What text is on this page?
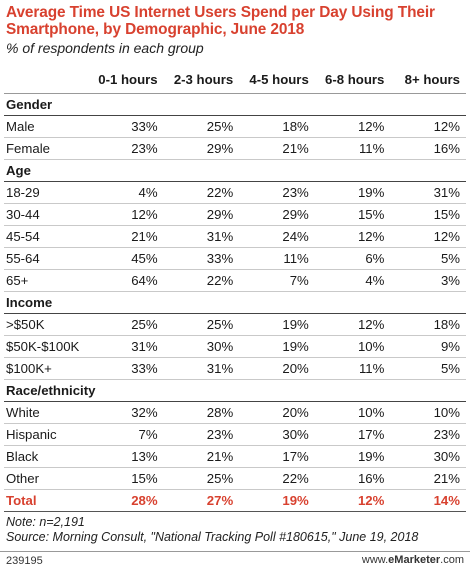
Average Time US Internet Users Spend per Day Using Their Smartphone, by Demographic, June 2018
% of respondents in each group
	0-1 hours	2-3 hours	4-5 hours	6-8 hours	8+ hours
Gender					
Male	33%	25%	18%	12%	12%
Female	23%	29%	21%	11%	16%
Age					
18-29	4%	22%	23%	19%	31%
30-44	12%	29%	29%	15%	15%
45-54	21%	31%	24%	12%	12%
55-64	45%	33%	11%	6%	5%
65+	64%	22%	7%	4%	3%
Income					
>$50K	25%	25%	19%	12%	18%
$50K-$100K	31%	30%	19%	10%	9%
$100K+	33%	31%	20%	11%	5%
Race/ethnicity					
White	32%	28%	20%	10%	10%
Hispanic	7%	23%	30%	17%	23%
Black	13%	21%	17%	19%	30%
Other	15%	25%	22%	16%	21%
Total	28%	27%	19%	12%	14%
Note: n=2,191
Source: Morning Consult, "National Tracking Poll #180615," June 19, 2018
239195	www.eMarketer.com
